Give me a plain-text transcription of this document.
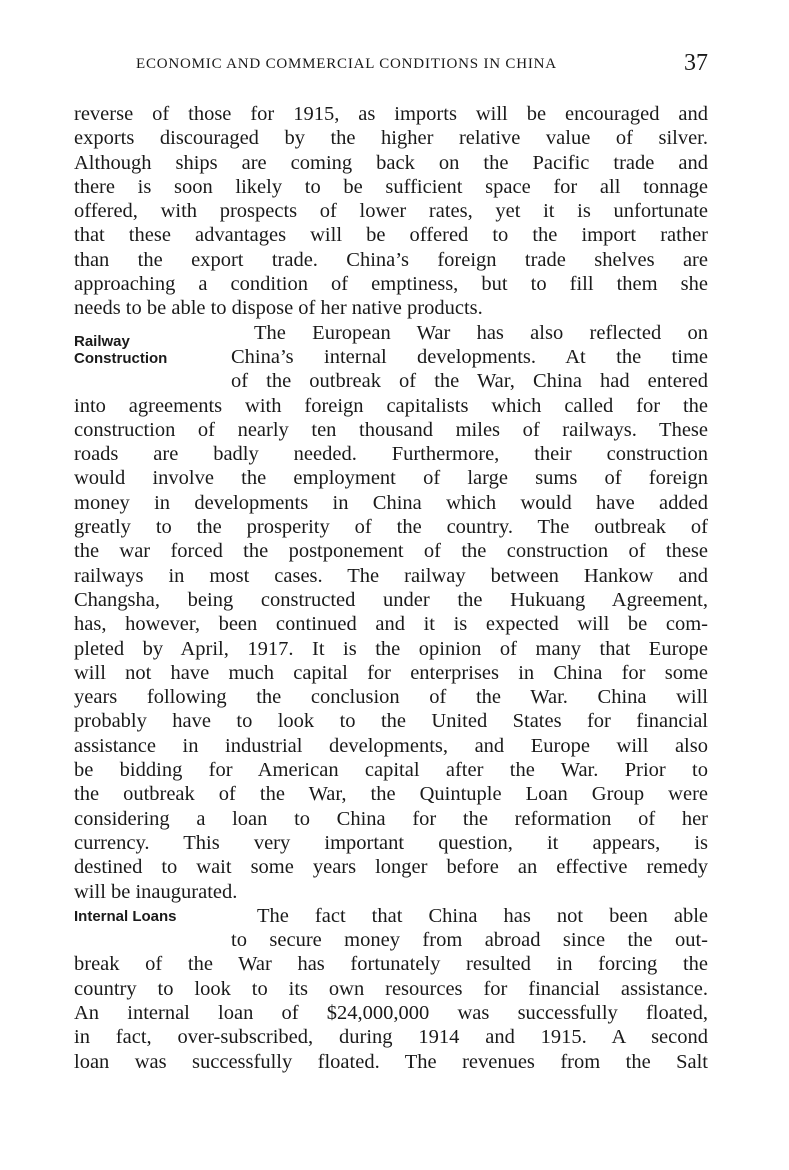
ECONOMIC AND COMMERCIAL CONDITIONS IN CHINA	37
Railway
Construction
Internal Loans
reverse of those for 1915, as imports will be encouraged and
exports discouraged by the higher relative value of silver.
Although ships are coming back on the Pacific trade and
there is soon likely to be sufficient space for all tonnage
offered, with prospects of lower rates, yet it is unfortunate
that these advantages will be offered to the import rather
than the export trade. China’s foreign trade shelves are
approaching a condition of emptiness, but to fill them she
needs to be able to dispose of her native products.
The European War has also reflected on
China’s internal developments. At the time
of the outbreak of the War, China had entered
into agreements with foreign capitalists which called for the
construction of nearly ten thousand miles of railways. These
roads are badly needed. Furthermore, their construction
would involve the employment of large sums of foreign
money in developments in China which would have added
greatly to the prosperity of the country. The outbreak of
the war forced the postponement of the construction of these
railways in most cases. The railway between Hankow and
Changsha, being constructed under the Hukuang Agreement,
has, however, been continued and it is expected will be com-
pleted by April, 1917. It is the opinion of many that Europe
will not have much capital for enterprises in China for some
years following the conclusion of the War. China will
probably have to look to the United States for financial
assistance in industrial developments, and Europe will also
be bidding for American capital after the War. Prior to
the outbreak of the War, the Quintuple Loan Group were
considering a loan to China for the reformation of her
currency. This very important question, it appears, is
destined to wait some years longer before an effective remedy
will be inaugurated.
The fact that China has not been able
to secure money from abroad since the out-
break of the War has fortunately resulted in forcing the
country to look to its own resources for financial assistance.
An internal loan of $24,000,000 was successfully floated,
in fact, over-subscribed, during 1914 and 1915. A second
loan was successfully floated. The revenues from the Salt
